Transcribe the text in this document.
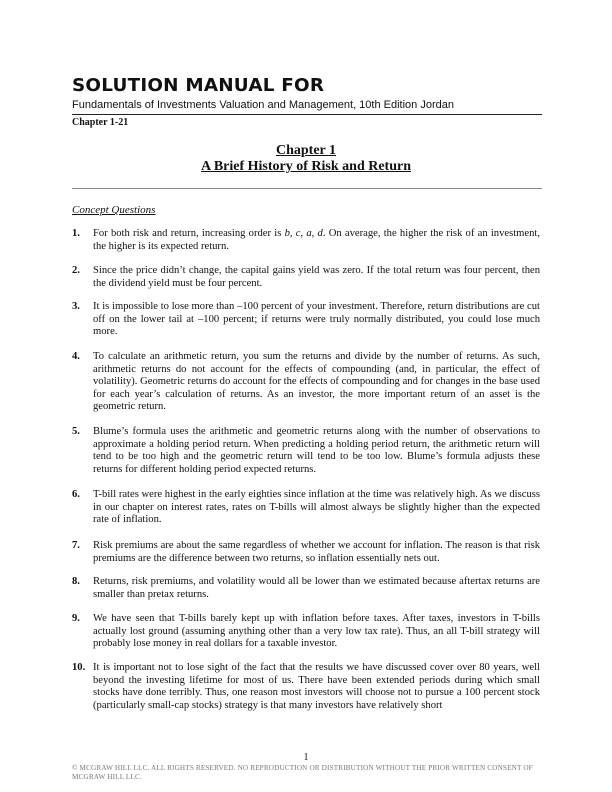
SOLUTION MANUAL FOR
Fundamentals of Investments Valuation and Management, 10th Edition Jordan
Chapter 1-21
Chapter 1
A Brief History of Risk and Return
Concept Questions
1. For both risk and return, increasing order is b, c, a, d. On average, the higher the risk of an investment, the higher is its expected return.
2. Since the price didn’t change, the capital gains yield was zero. If the total return was four percent, then the dividend yield must be four percent.
3. It is impossible to lose more than –100 percent of your investment. Therefore, return distributions are cut off on the lower tail at –100 percent; if returns were truly normally distributed, you could lose much more.
4. To calculate an arithmetic return, you sum the returns and divide by the number of returns. As such, arithmetic returns do not account for the effects of compounding (and, in particular, the effect of volatility). Geometric returns do account for the effects of compounding and for changes in the base used for each year’s calculation of returns. As an investor, the more important return of an asset is the geometric return.
5. Blume’s formula uses the arithmetic and geometric returns along with the number of observations to approximate a holding period return. When predicting a holding period return, the arithmetic return will tend to be too high and the geometric return will tend to be too low. Blume’s formula adjusts these returns for different holding period expected returns.
6. T-bill rates were highest in the early eighties since inflation at the time was relatively high. As we discuss in our chapter on interest rates, rates on T-bills will almost always be slightly higher than the expected rate of inflation.
7. Risk premiums are about the same regardless of whether we account for inflation. The reason is that risk premiums are the difference between two returns, so inflation essentially nets out.
8. Returns, risk premiums, and volatility would all be lower than we estimated because aftertax returns are smaller than pretax returns.
9. We have seen that T-bills barely kept up with inflation before taxes. After taxes, investors in T-bills actually lost ground (assuming anything other than a very low tax rate). Thus, an all T-bill strategy will probably lose money in real dollars for a taxable investor.
10. It is important not to lose sight of the fact that the results we have discussed cover over 80 years, well beyond the investing lifetime for most of us. There have been extended periods during which small stocks have done terribly. Thus, one reason most investors will choose not to pursue a 100 percent stock (particularly small-cap stocks) strategy is that many investors have relatively short
1
© MCGRAW HILL LLC. ALL RIGHTS RESERVED. NO REPRODUCTION OR DISTRIBUTION WITHOUT THE PRIOR WRITTEN CONSENT OF MCGRAW HILL LLC.
